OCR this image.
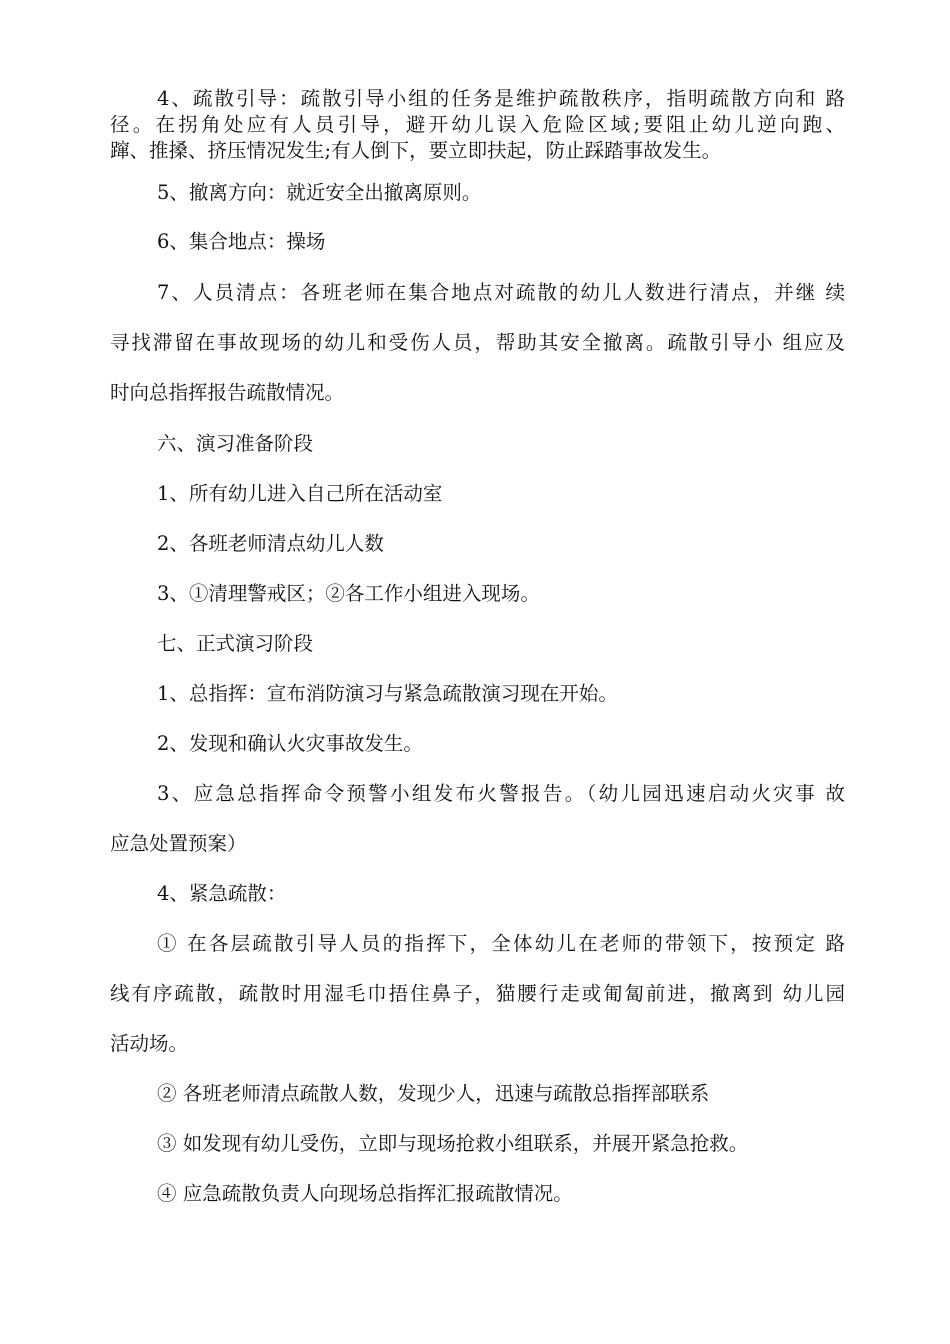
4、疏散引导：疏散引导小组的任务是维护疏散秩序，指明疏散方向和 路
径。在拐角处应有人员引导，避开幼儿误入危险区域;要阻止幼儿逆向跑、
蹿、推搡、挤压情况发生;有人倒下，要立即扶起，防止踩踏事故发生。
5、撤离方向：就近安全出撤离原则。
6、集合地点：操场
7、人员清点：各班老师在集合地点对疏散的幼儿人数进行清点，并继 续
寻找滞留在事故现场的幼儿和受伤人员，帮助其安全撤离。疏散引导小 组应及
时向总指挥报告疏散情况。
六、演习准备阶段
1、所有幼儿进入自己所在活动室
2、各班老师清点幼儿人数
3、①清理警戒区；②各工作小组进入现场。
七、正式演习阶段
1、总指挥：宣布消防演习与紧急疏散演习现在开始。
2、发现和确认火灾事故发生。
3、应急总指挥命令预警小组发布火警报告。（幼儿园迅速启动火灾事 故
应急处置预案）
4、紧急疏散：
① 在各层疏散引导人员的指挥下，全体幼儿在老师的带领下，按预定 路
线有序疏散，疏散时用湿毛巾捂住鼻子，猫腰行走或匍匐前进，撤离到 幼儿园
活动场。
② 各班老师清点疏散人数，发现少人，迅速与疏散总指挥部联系
③ 如发现有幼儿受伤，立即与现场抢救小组联系，并展开紧急抢救。
④ 应急疏散负责人向现场总指挥汇报疏散情况。
